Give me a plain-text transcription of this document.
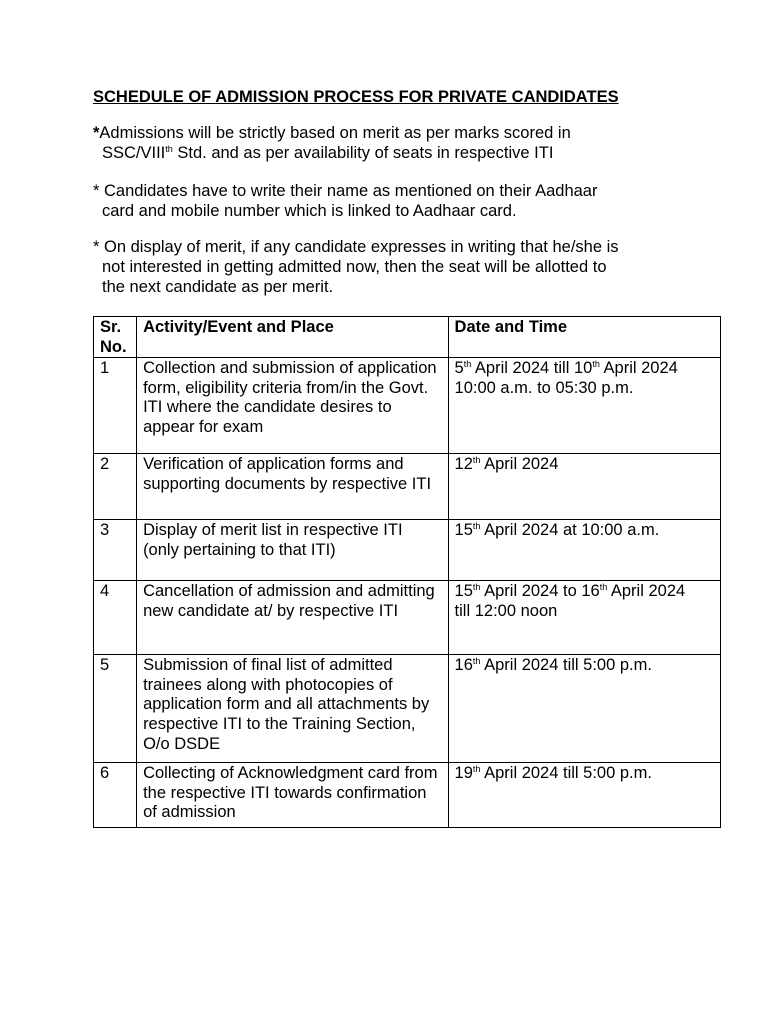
SCHEDULE OF ADMISSION PROCESS FOR PRIVATE CANDIDATES
*Admissions will be strictly based on merit as per marks scored in
SSC/VIIIth Std. and as per availability of seats in respective ITI
* Candidates have to write their name as mentioned on their Aadhaar
card and mobile number which is linked to Aadhaar card.
* On display of merit, if any candidate expresses in writing that he/she is
not interested in getting admitted now, then the seat will be allotted to
the next candidate as per merit.
Sr. No.	Activity/Event and Place	Date and Time
1	Collection and submission of application form, eligibility criteria from/in the Govt. ITI where the candidate desires to appear for exam	5th April 2024 till 10th April 2024
10:00 a.m. to 05:30 p.m.
2	Verification of application forms and supporting documents by respective ITI	12th April 2024
3	Display of merit list in respective ITI (only pertaining to that ITI)	15th April 2024 at 10:00 a.m.
4	Cancellation of admission and admitting new candidate at/ by respective ITI	15th April 2024 to 16th April 2024
till 12:00 noon
5	Submission of final list of admitted trainees along with photocopies of application form and all attachments by respective ITI to the Training Section, O/o DSDE	16th April 2024 till 5:00 p.m.
6	Collecting of Acknowledgment card from the respective ITI towards confirmation of admission	19th April 2024 till 5:00 p.m.
